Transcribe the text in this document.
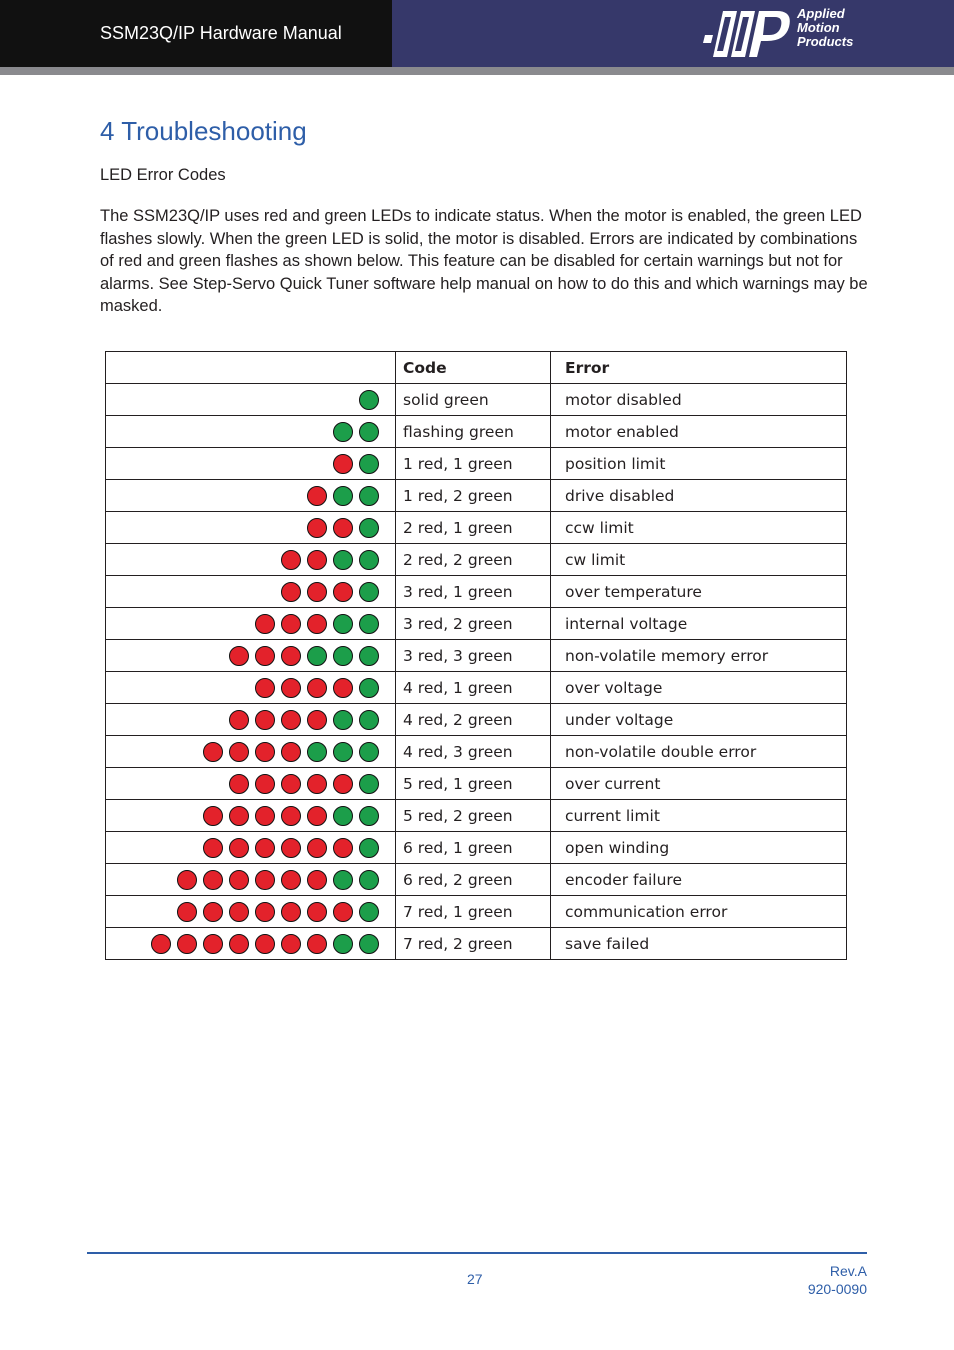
SSM23Q/IP Hardware Manual
Applied
Motion
Products
4 Troubleshooting
LED Error Codes
The SSM23Q/IP uses red and green LEDs to indicate status. When the motor is enabled, the green LED flashes slowly. When the green LED is solid, the motor is disabled. Errors are indicated by combinations of red and green flashes as shown below. This feature can be disabled for certain warnings but not for alarms. See Step-Servo Quick Tuner software help manual on how to do this and which warnings may be masked.
	Code	Error
	solid green	motor disabled
	flashing green	motor enabled
	1 red, 1 green	position limit
	1 red, 2 green	drive disabled
	2 red, 1 green	ccw limit
	2 red, 2 green	cw limit
	3 red, 1 green	over temperature
	3 red, 2 green	internal voltage
	3 red, 3 green	non-volatile memory error
	4 red, 1 green	over voltage
	4 red, 2 green	under voltage
	4 red, 3 green	non-volatile double error
	5 red, 1 green	over current
	5 red, 2 green	current limit
	6 red, 1 green	open winding
	6 red, 2 green	encoder failure
	7 red, 1 green	communication error
	7 red, 2 green	save failed
27	Rev.A
920-0090
